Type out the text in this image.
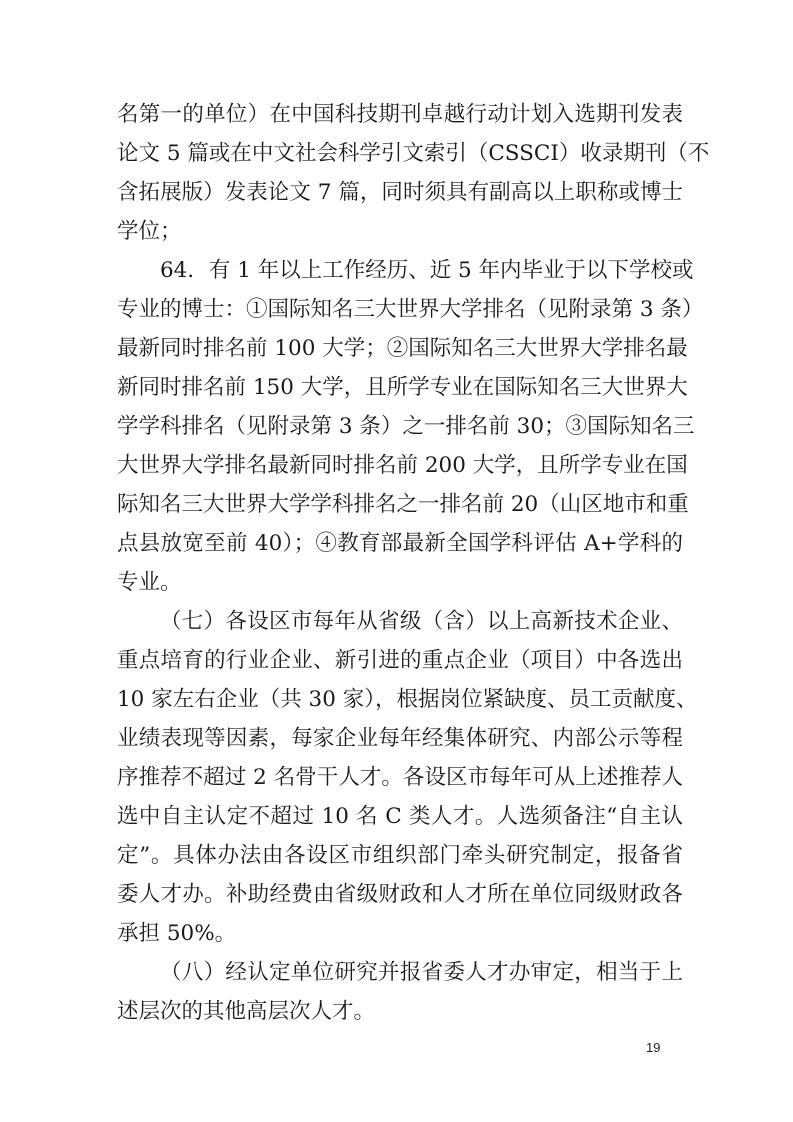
名第一的单位）在中国科技期刊卓越行动计划入选期刊发表
论文 5 篇或在中文社会科学引文索引（CSSCI）收录期刊（不
含拓展版）发表论文 7 篇，同时须具有副高以上职称或博士
学位；
64．有 1 年以上工作经历、近 5 年内毕业于以下学校或
专业的博士：①国际知名三大世界大学排名（见附录第 3 条）
最新同时排名前 100 大学；②国际知名三大世界大学排名最
新同时排名前 150 大学，且所学专业在国际知名三大世界大
学学科排名（见附录第 3 条）之一排名前 30；③国际知名三
大世界大学排名最新同时排名前 200 大学，且所学专业在国
际知名三大世界大学学科排名之一排名前 20（山区地市和重
点县放宽至前 40）；④教育部最新全国学科评估 A+学科的
专业。
（七）各设区市每年从省级（含）以上高新技术企业、
重点培育的行业企业、新引进的重点企业（项目）中各选出
10 家左右企业（共 30 家），根据岗位紧缺度、员工贡献度、
业绩表现等因素，每家企业每年经集体研究、内部公示等程
序推荐不超过 2 名骨干人才。各设区市每年可从上述推荐人
选中自主认定不超过 10 名 C 类人才。人选须备注“自主认
定”。具体办法由各设区市组织部门牵头研究制定，报备省
委人才办。补助经费由省级财政和人才所在单位同级财政各
承担 50%。
（八）经认定单位研究并报省委人才办审定，相当于上
述层次的其他高层次人才。
19
